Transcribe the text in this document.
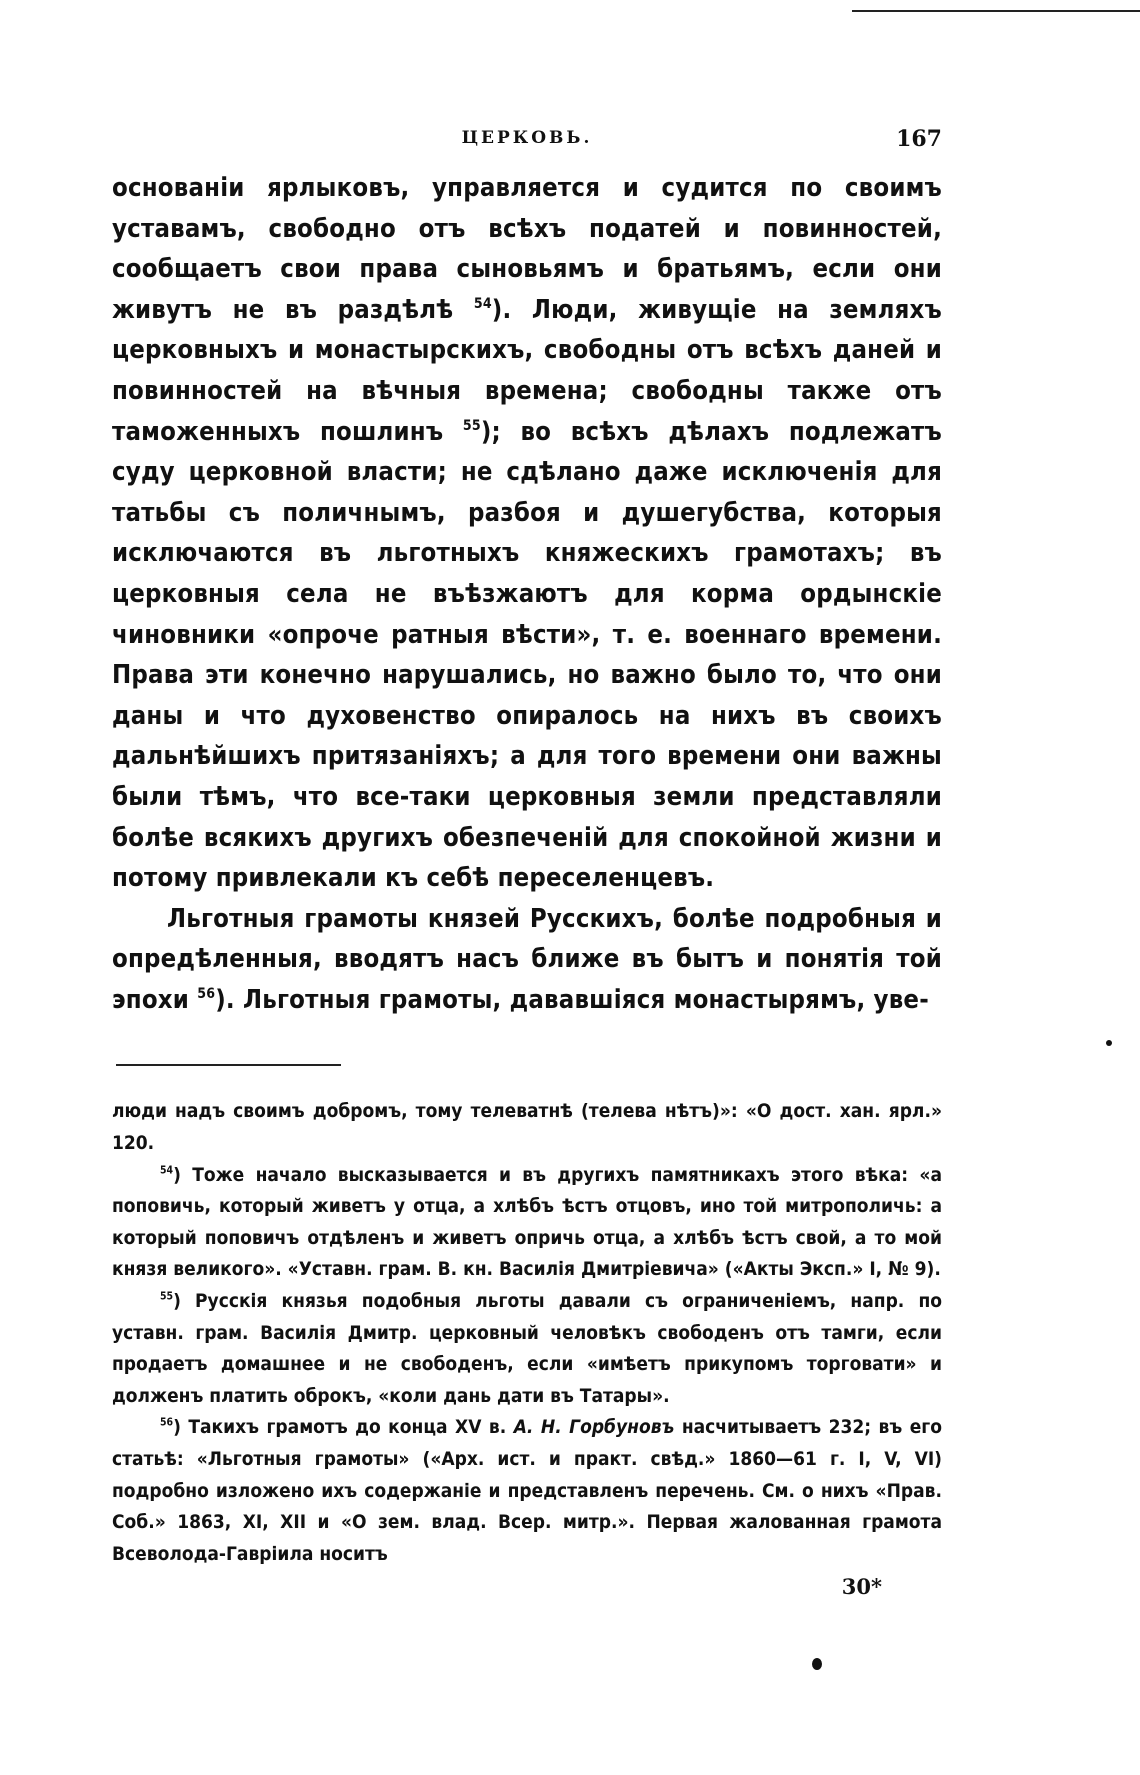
ЦЕРКОВЬ.	167

основаніи ярлыковъ, управляется и судится по своимъ уставамъ, свободно отъ всѣхъ податей и повинностей, сообщаетъ свои права сыновьямъ и братьямъ, если они живутъ не въ раздѣлѣ $^{54}$). Люди, живущіе на земляхъ церковныхъ и монастырскихъ, свободны отъ всѣхъ даней и повинностей на вѣчныя времена; свободны также отъ таможенныхъ пошлинъ $^{55}$); во всѣхъ дѣлахъ подлежатъ суду церковной власти; не сдѣлано даже исключенія для татьбы съ поличнымъ, разбоя и душегубства, которыя исключаются въ льготныхъ княжескихъ грамотахъ; въ церковныя села не въѣзжаютъ для корма ордынскіе чиновники «опроче ратныя вѣсти», т. е. военнаго времени. Права эти конечно нарушались, но важно было то, что они даны и что духовенство опиралось на нихъ въ своихъ дальнѣйшихъ притязаніяхъ; а для того времени они важны были тѣмъ, что все-таки церковныя земли представляли болѣе всякихъ другихъ обезпеченій для спокойной жизни и потому привлекали къ себѣ переселенцевъ.

Льготныя грамоты князей Русскихъ, болѣе подробныя и опредѣленныя, вводятъ насъ ближе въ бытъ и понятія той эпохи $^{56}$). Льготныя грамоты, дававшіяся монастырямъ, уве-

люди надъ своимъ добромъ, тому телеватнѣ (телева нѣтъ)»: «О дост. хан. ярл.» 120.

$^{54}$) Тоже начало высказывается и въ другихъ памятникахъ этого вѣка: «а поповичь, который живетъ у отца, а хлѣбъ ѣстъ отцовъ, ино той митрополичь: а который поповичъ отдѣленъ и живетъ опричь отца, а хлѣбъ ѣстъ свой, а то мой князя великого». «Уставн. грам. В. кн. Василія Дмитріевича» («Акты Эксп.» I, № 9).

$^{55}$) Русскія князья подобныя льготы давали съ ограниченіемъ, напр. по уставн. грам. Василія Дмитр. церковный человѣкъ свободенъ отъ тамги, если продаетъ домашнее и не свободенъ, если «имѣетъ прикупомъ торговати» и долженъ платить оброкъ, «коли дань дати въ Татары».

$^{56}$) Такихъ грамотъ до конца XV в. А. Н. Горбуновъ насчитываетъ 232; въ его статьѣ: «Льготныя грамоты» («Арх. ист. и практ. свѣд.» 1860—61 г. I, V, VI) подробно изложено ихъ содержаніе и представленъ перечень. См. о нихъ «Прав. Соб.» 1863, XI, XII и «О зем. влад. Всер. митр.». Первая жалованная грамота Всеволода-Гавріила носитъ

30*
